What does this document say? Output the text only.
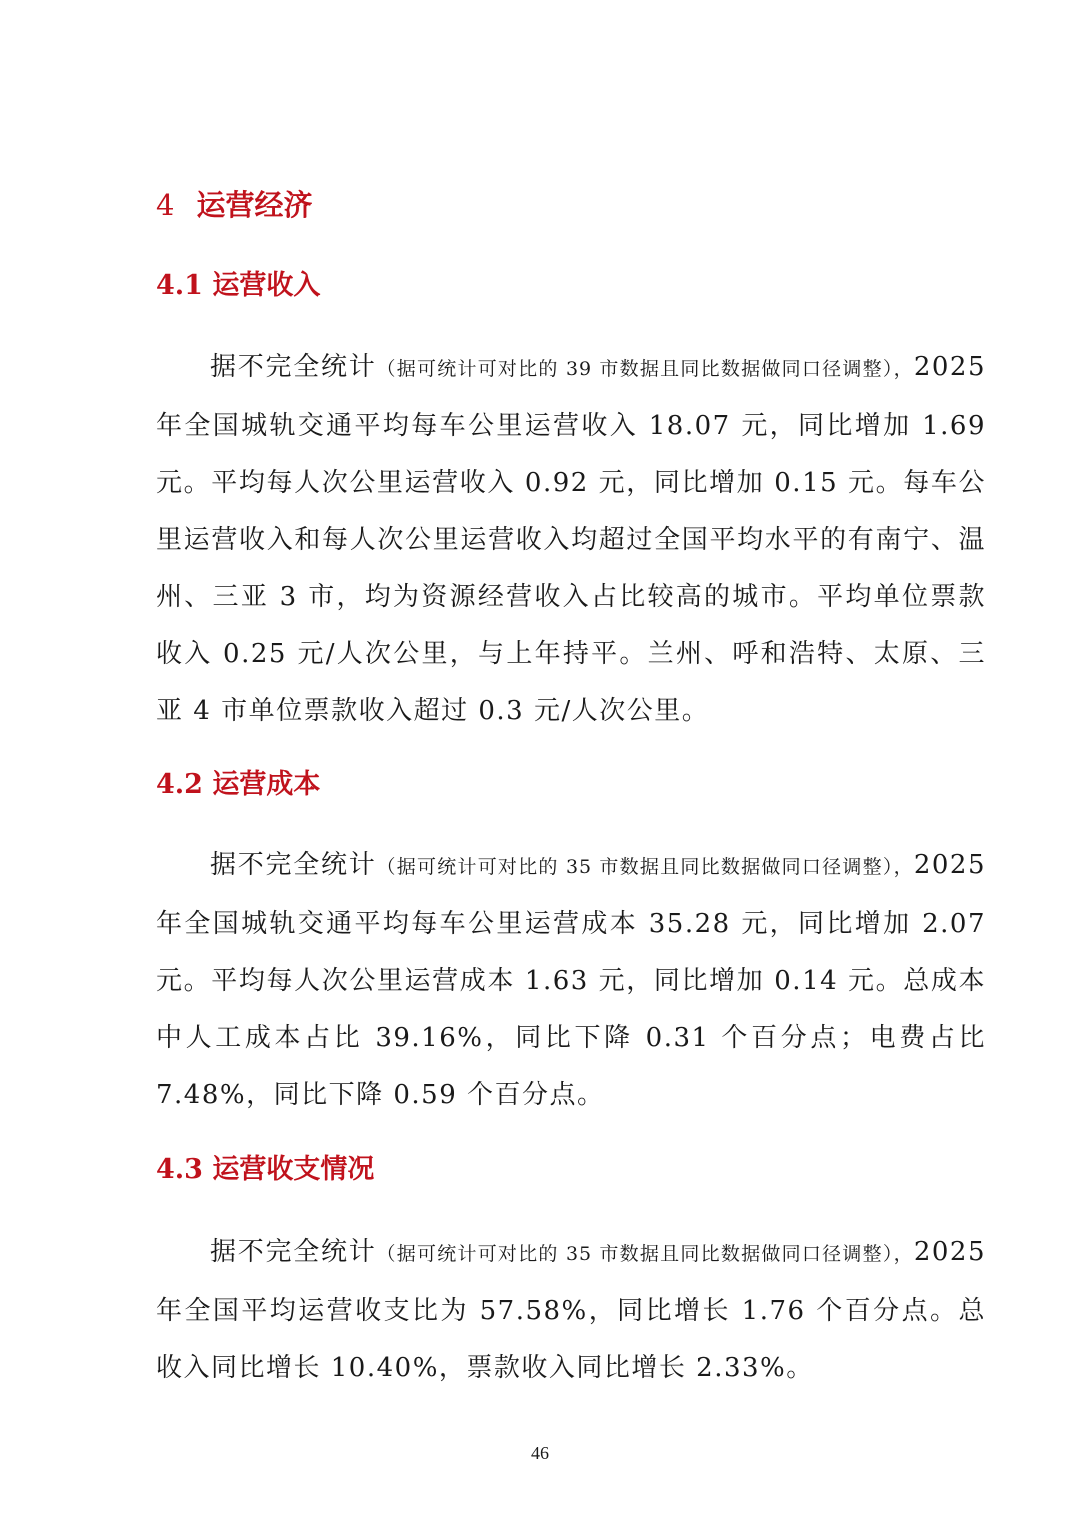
4 运营经济
4.1 运营收入

据不完全统计（据可统计可对比的 39 市数据且同比数据做同口径调整），2025 年全国城轨交通平均每车公里运营收入 18.07 元，同比增加 1.69 元。平均每人次公里运营收入 0.92 元，同比增加 0.15 元。每车公里运营收入和每人次公里运营收入均超过全国平均水平的有南宁、温州、三亚 3 市，均为资源经营收入占比较高的城市。平均单位票款收入 0.25 元/人次公里，与上年持平。兰州、呼和浩特、太原、三亚 4 市单位票款收入超过 0.3 元/人次公里。

4.2 运营成本

据不完全统计（据可统计可对比的 35 市数据且同比数据做同口径调整），2025 年全国城轨交通平均每车公里运营成本 35.28 元，同比增加 2.07 元。平均每人次公里运营成本 1.63 元，同比增加 0.14 元。总成本中人工成本占比 39.16%，同比下降 0.31 个百分点；电费占比 7.48%，同比下降 0.59 个百分点。

4.3 运营收支情况

据不完全统计（据可统计可对比的 35 市数据且同比数据做同口径调整），2025 年全国平均运营收支比为 57.58%，同比增长 1.76 个百分点。总收入同比增长 10.40%，票款收入同比增长 2.33%。

46
